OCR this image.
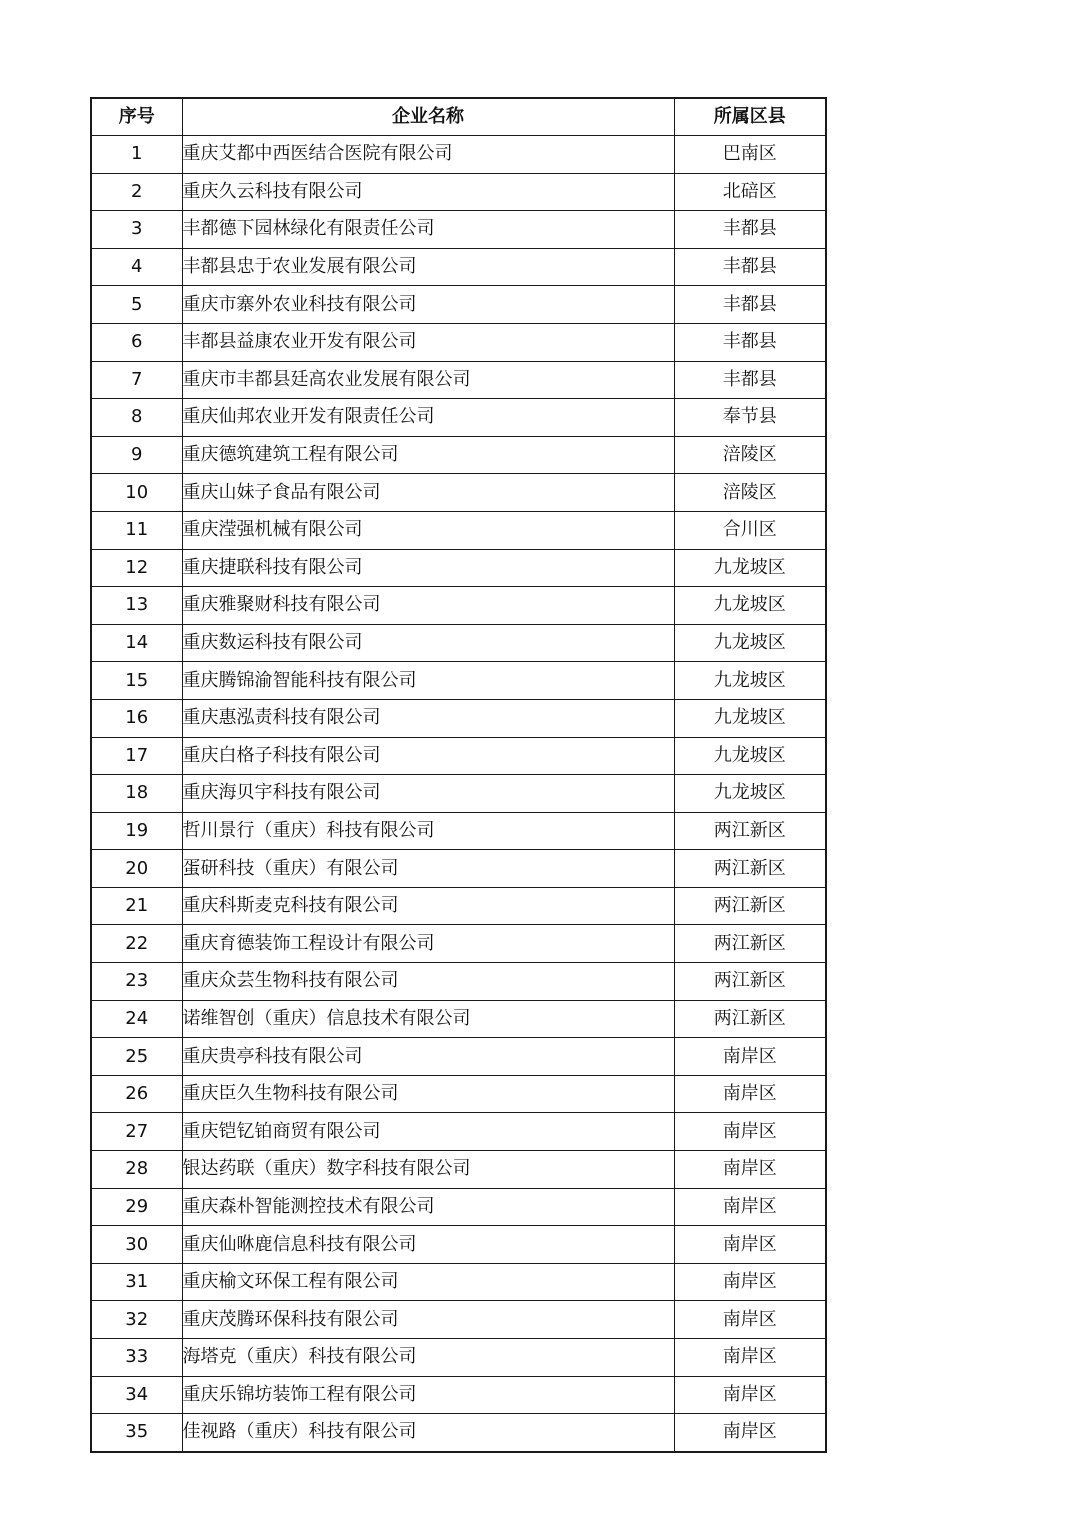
序号	企业名称	所属区县
1	重庆艾都中西医结合医院有限公司	巴南区
2	重庆久云科技有限公司	北碚区
3	丰都德下园林绿化有限责任公司	丰都县
4	丰都县忠于农业发展有限公司	丰都县
5	重庆市寨外农业科技有限公司	丰都县
6	丰都县益康农业开发有限公司	丰都县
7	重庆市丰都县廷高农业发展有限公司	丰都县
8	重庆仙邦农业开发有限责任公司	奉节县
9	重庆德筑建筑工程有限公司	涪陵区
10	重庆山妹子食品有限公司	涪陵区
11	重庆滢强机械有限公司	合川区
12	重庆捷联科技有限公司	九龙坡区
13	重庆雅聚财科技有限公司	九龙坡区
14	重庆数运科技有限公司	九龙坡区
15	重庆腾锦渝智能科技有限公司	九龙坡区
16	重庆惠泓责科技有限公司	九龙坡区
17	重庆白格子科技有限公司	九龙坡区
18	重庆海贝宇科技有限公司	九龙坡区
19	哲川景行（重庆）科技有限公司	两江新区
20	蛋研科技（重庆）有限公司	两江新区
21	重庆科斯麦克科技有限公司	两江新区
22	重庆育德装饰工程设计有限公司	两江新区
23	重庆众芸生物科技有限公司	两江新区
24	诺维智创（重庆）信息技术有限公司	两江新区
25	重庆贵亭科技有限公司	南岸区
26	重庆臣久生物科技有限公司	南岸区
27	重庆铠钇铂商贸有限公司	南岸区
28	银达药联（重庆）数字科技有限公司	南岸区
29	重庆森朴智能测控技术有限公司	南岸区
30	重庆仙咻鹿信息科技有限公司	南岸区
31	重庆榆文环保工程有限公司	南岸区
32	重庆茂腾环保科技有限公司	南岸区
33	海塔克（重庆）科技有限公司	南岸区
34	重庆乐锦坊装饰工程有限公司	南岸区
35	佳视路（重庆）科技有限公司	南岸区
